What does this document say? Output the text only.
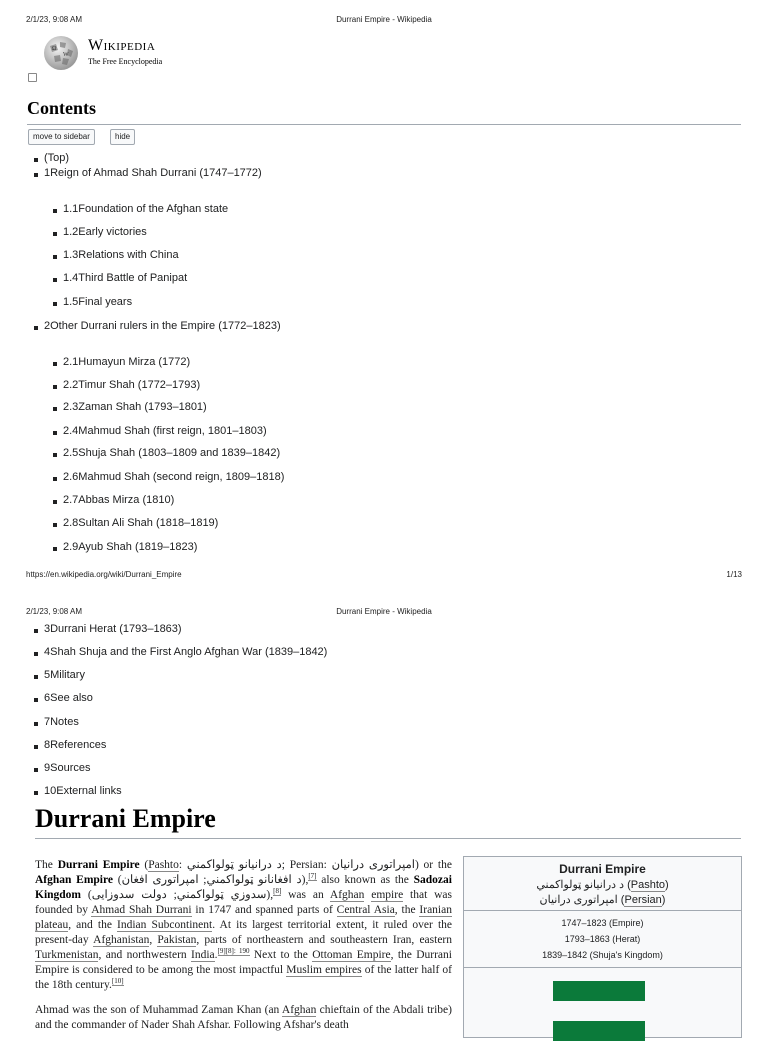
2/1/23, 9:08 AM	Durrani Empire - Wikipedia
Ω
W
Wikipedia
The Free Encyclopedia
Contents
move to sidebar	hide
(Top)
1Reign of Ahmad Shah Durrani (1747–1772)
1.1Foundation of the Afghan state
1.2Early victories
1.3Relations with China
1.4Third Battle of Panipat
1.5Final years
2Other Durrani rulers in the Empire (1772–1823)
2.1Humayun Mirza (1772)
2.2Timur Shah (1772–1793)
2.3Zaman Shah (1793–1801)
2.4Mahmud Shah (first reign, 1801–1803)
2.5Shuja Shah (1803–1809 and 1839–1842)
2.6Mahmud Shah (second reign, 1809–1818)
2.7Abbas Mirza (1810)
2.8Sultan Ali Shah (1818–1819)
2.9Ayub Shah (1819–1823)
https://en.wikipedia.org/wiki/Durrani_Empire	1/13
2/1/23, 9:08 AM	Durrani Empire - Wikipedia
3Durrani Herat (1793–1863)
4Shah Shuja and the First Anglo Afghan War (1839–1842)
5Military
6See also
7Notes
8References
9Sources
10External links
Durrani Empire

The Durrani Empire (Pashto: د درانیانو ټولواکمني; Persian: امپراتوری درانیان) or the Afghan Empire (د افغانانو ټولواکمني; امپراتوری افغان),[7] also known as the Sadozai Kingdom (سدوزي ټولواکمني; دولت سدوزایی),[8] was an Afghan empire that was founded by Ahmad Shah Durrani in 1747 and spanned parts of Central Asia, the Iranian plateau, and the Indian Subcontinent. At its largest territorial extent, it ruled over the present-day Afghanistan, Pakistan, parts of northeastern and southeastern Iran, eastern Turkmenistan, and northwestern India.$^{[9][8]: 190}$ Next to the Ottoman Empire, the Durrani Empire is considered to be among the most impactful Muslim empires of the latter half of the 18th century.[10]

Ahmad was the son of Muhammad Zaman Khan (an Afghan chieftain of the Abdali tribe) and the commander of Nader Shah Afshar. Following Afshar's death

Durrani Empire
د درانیانو ټولواکمني (Pashto)
امپراتوری درانیان (Persian)
1747–1823 (Empire)
1793–1863 (Herat)
1839–1842 (Shuja's Kingdom)
